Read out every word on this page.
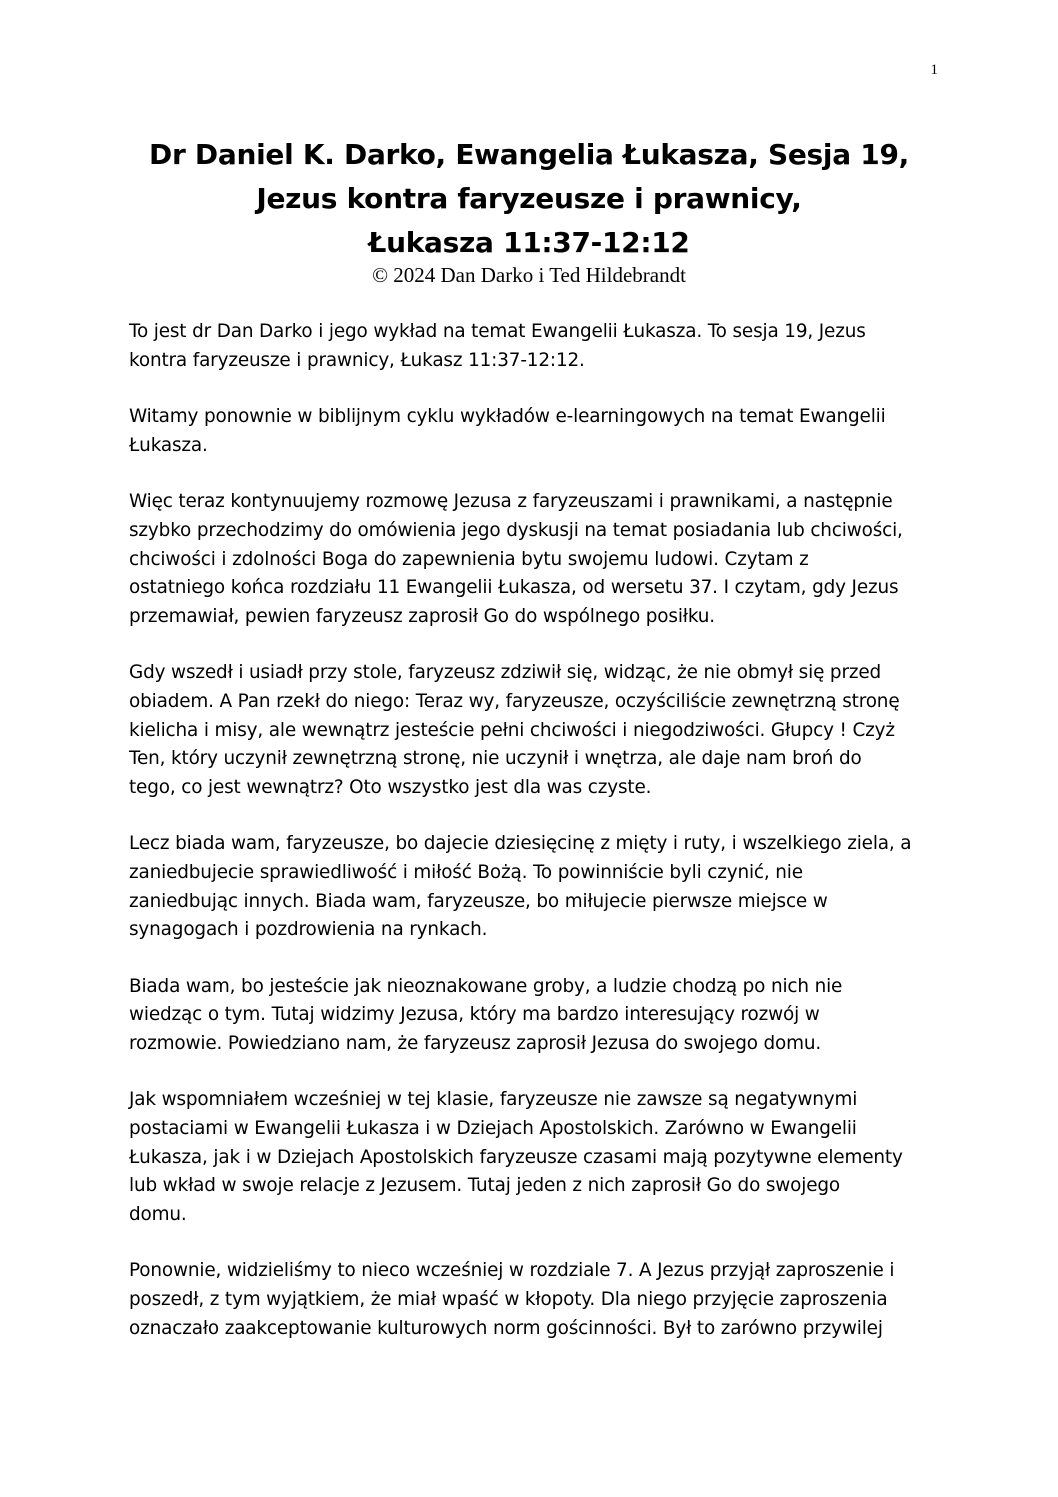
1
Dr Daniel K. Darko, Ewangelia Łukasza, Sesja 19,
Jezus kontra faryzeusze i prawnicy,
Łukasza 11:37-12:12
© 2024 Dan Darko i Ted Hildebrandt
To jest dr Dan Darko i jego wykład na temat Ewangelii Łukasza. To sesja 19, Jezus
kontra faryzeusze i prawnicy, Łukasz 11:37-12:12.
Witamy ponownie w biblijnym cyklu wykładów e-learningowych na temat Ewangelii
Łukasza.
Więc teraz kontynuujemy rozmowę Jezusa z faryzeuszami i prawnikami, a następnie
szybko przechodzimy do omówienia jego dyskusji na temat posiadania lub chciwości,
chciwości i zdolności Boga do zapewnienia bytu swojemu ludowi. Czytam z
ostatniego końca rozdziału 11 Ewangelii Łukasza, od wersetu 37. I czytam, gdy Jezus
przemawiał, pewien faryzeusz zaprosił Go do wspólnego posiłku.
Gdy wszedł i usiadł przy stole, faryzeusz zdziwił się, widząc, że nie obmył się przed
obiadem. A Pan rzekł do niego: Teraz wy, faryzeusze, oczyściliście zewnętrzną stronę
kielicha i misy, ale wewnątrz jesteście pełni chciwości i niegodziwości. Głupcy ! Czyż
Ten, który uczynił zewnętrzną stronę, nie uczynił i wnętrza, ale daje nam broń do
tego, co jest wewnątrz? Oto wszystko jest dla was czyste.
Lecz biada wam, faryzeusze, bo dajecie dziesięcinę z mięty i ruty, i wszelkiego ziela, a
zaniedbujecie sprawiedliwość i miłość Bożą. To powinniście byli czynić, nie
zaniedbując innych. Biada wam, faryzeusze, bo miłujecie pierwsze miejsce w
synagogach i pozdrowienia na rynkach.
Biada wam, bo jesteście jak nieoznakowane groby, a ludzie chodzą po nich nie
wiedząc o tym. Tutaj widzimy Jezusa, który ma bardzo interesujący rozwój w
rozmowie. Powiedziano nam, że faryzeusz zaprosił Jezusa do swojego domu.
Jak wspomniałem wcześniej w tej klasie, faryzeusze nie zawsze są negatywnymi
postaciami w Ewangelii Łukasza i w Dziejach Apostolskich. Zarówno w Ewangelii
Łukasza, jak i w Dziejach Apostolskich faryzeusze czasami mają pozytywne elementy
lub wkład w swoje relacje z Jezusem. Tutaj jeden z nich zaprosił Go do swojego
domu.
Ponownie, widzieliśmy to nieco wcześniej w rozdziale 7. A Jezus przyjął zaproszenie i
poszedł, z tym wyjątkiem, że miał wpaść w kłopoty. Dla niego przyjęcie zaproszenia
oznaczało zaakceptowanie kulturowych norm gościnności. Był to zarówno przywilej
